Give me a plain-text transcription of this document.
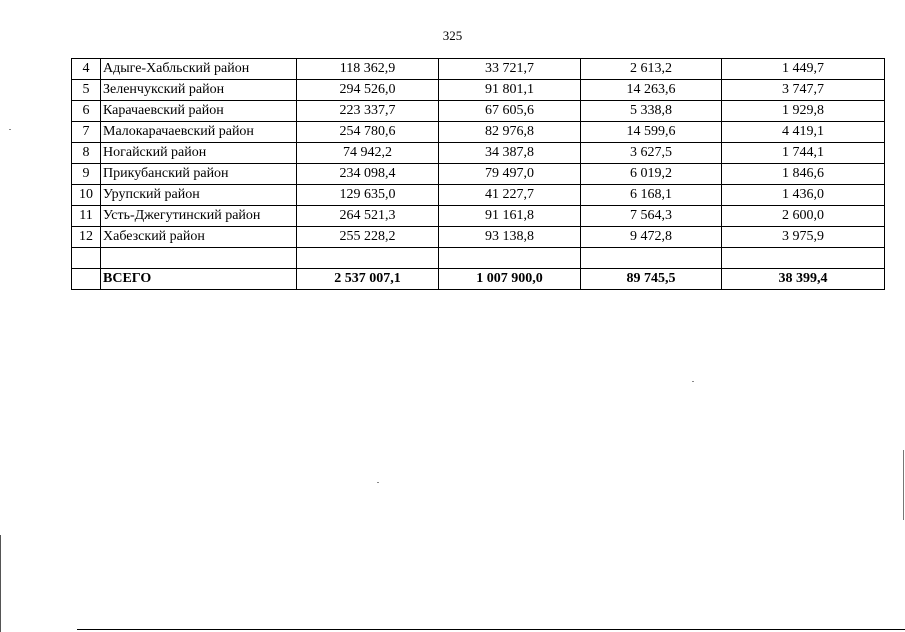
325
4	Адыге-Хабльский район	118 362,9	33 721,7	2 613,2	1 449,7
5	Зеленчукский район	294 526,0	91 801,1	14 263,6	3 747,7
6	Карачаевский район	223 337,7	67 605,6	5 338,8	1 929,8
7	Малокарачаевский район	254 780,6	82 976,8	14 599,6	4 419,1
8	Ногайский район	74 942,2	34 387,8	3 627,5	1 744,1
9	Прикубанский район	234 098,4	79 497,0	6 019,2	1 846,6
10	Урупский район	129 635,0	41 227,7	6 168,1	1 436,0
11	Усть-Джегутинский район	264 521,3	91 161,8	7 564,3	2 600,0
12	Хабезский район	255 228,2	93 138,8	9 472,8	3 975,9

	ВСЕГО	2 537 007,1	1 007 900,0	89 745,5	38 399,4
